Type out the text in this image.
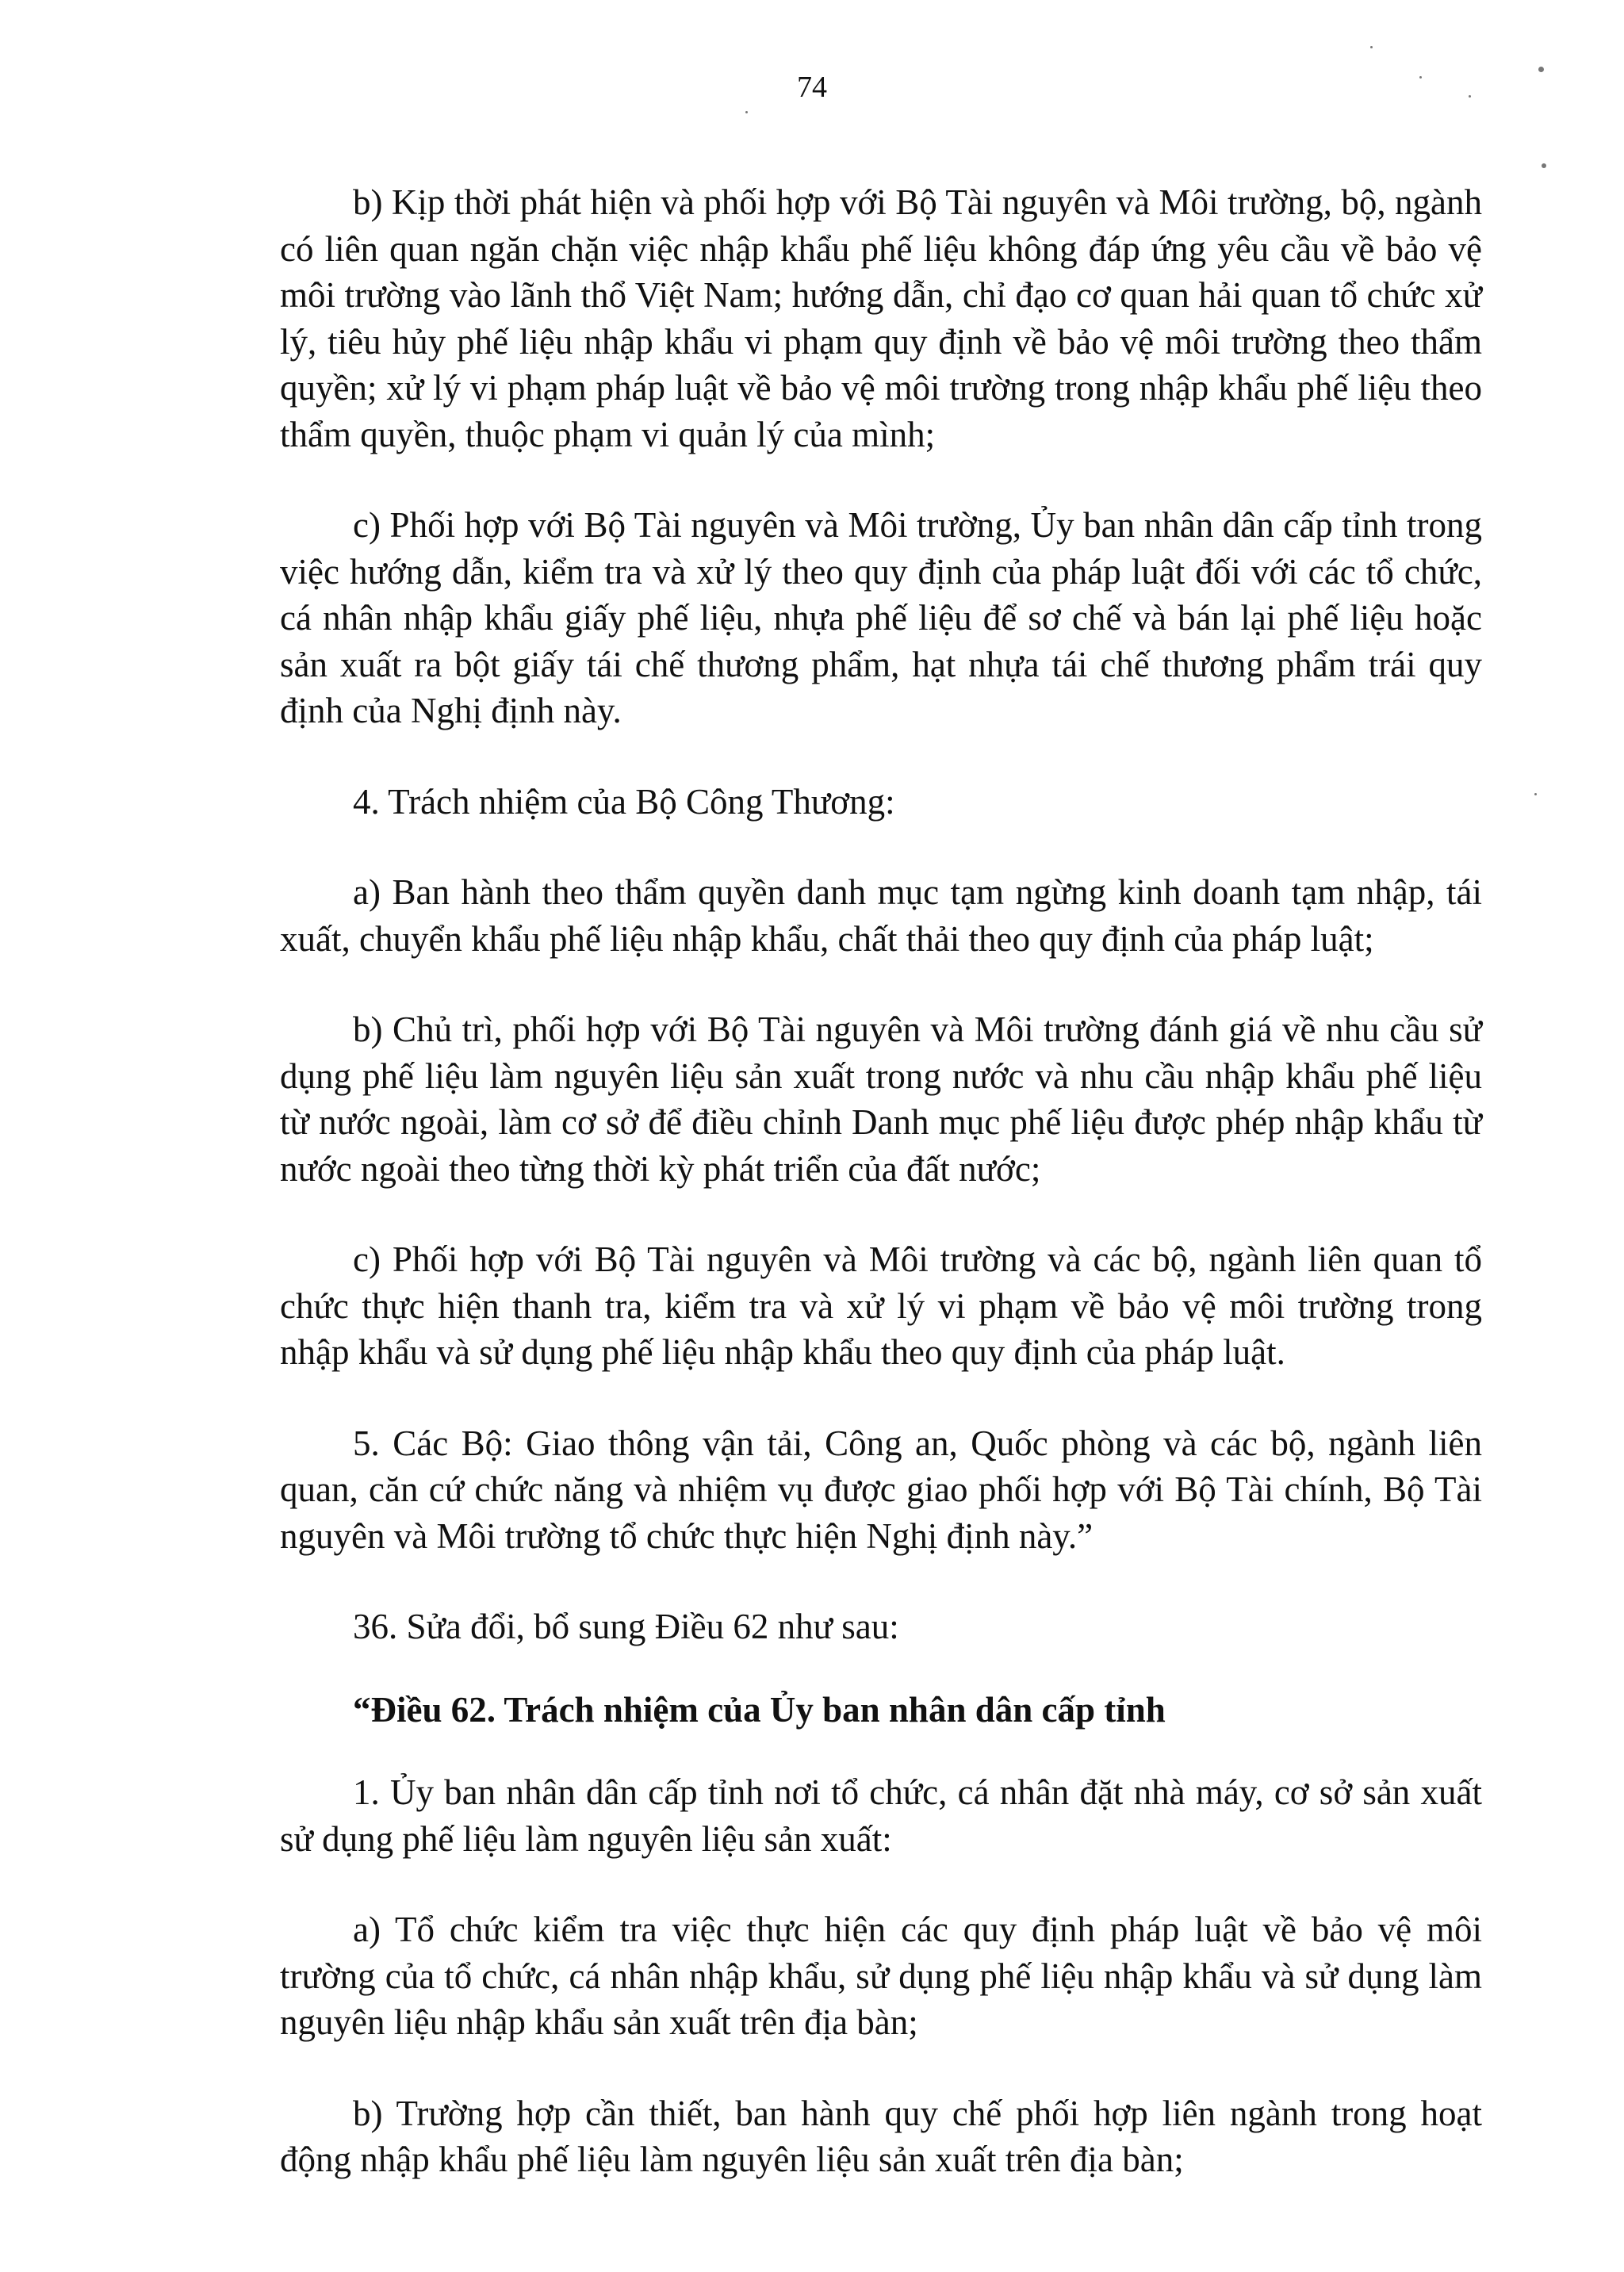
74

b) Kịp thời phát hiện và phối hợp với Bộ Tài nguyên và Môi trường, bộ, ngành có liên quan ngăn chặn việc nhập khẩu phế liệu không đáp ứng yêu cầu về bảo vệ môi trường vào lãnh thổ Việt Nam; hướng dẫn, chỉ đạo cơ quan hải quan tổ chức xử lý, tiêu hủy phế liệu nhập khẩu vi phạm quy định về bảo vệ môi trường theo thẩm quyền; xử lý vi phạm pháp luật về bảo vệ môi trường trong nhập khẩu phế liệu theo thẩm quyền, thuộc phạm vi quản lý của mình;

c) Phối hợp với Bộ Tài nguyên và Môi trường, Ủy ban nhân dân cấp tỉnh trong việc hướng dẫn, kiểm tra và xử lý theo quy định của pháp luật đối với các tổ chức, cá nhân nhập khẩu giấy phế liệu, nhựa phế liệu để sơ chế và bán lại phế liệu hoặc sản xuất ra bột giấy tái chế thương phẩm, hạt nhựa tái chế thương phẩm trái quy định của Nghị định này.

4. Trách nhiệm của Bộ Công Thương:

a) Ban hành theo thẩm quyền danh mục tạm ngừng kinh doanh tạm nhập, tái xuất, chuyển khẩu phế liệu nhập khẩu, chất thải theo quy định của pháp luật;

b) Chủ trì, phối hợp với Bộ Tài nguyên và Môi trường đánh giá về nhu cầu sử dụng phế liệu làm nguyên liệu sản xuất trong nước và nhu cầu nhập khẩu phế liệu từ nước ngoài, làm cơ sở để điều chỉnh Danh mục phế liệu được phép nhập khẩu từ nước ngoài theo từng thời kỳ phát triển của đất nước;

c) Phối hợp với Bộ Tài nguyên và Môi trường và các bộ, ngành liên quan tổ chức thực hiện thanh tra, kiểm tra và xử lý vi phạm về bảo vệ môi trường trong nhập khẩu và sử dụng phế liệu nhập khẩu theo quy định của pháp luật.

5. Các Bộ: Giao thông vận tải, Công an, Quốc phòng và các bộ, ngành liên quan, căn cứ chức năng và nhiệm vụ được giao phối hợp với Bộ Tài chính, Bộ Tài nguyên và Môi trường tổ chức thực hiện Nghị định này.”

36. Sửa đổi, bổ sung Điều 62 như sau:

“Điều 62. Trách nhiệm của Ủy ban nhân dân cấp tỉnh

1. Ủy ban nhân dân cấp tỉnh nơi tổ chức, cá nhân đặt nhà máy, cơ sở sản xuất sử dụng phế liệu làm nguyên liệu sản xuất:

a) Tổ chức kiểm tra việc thực hiện các quy định pháp luật về bảo vệ môi trường của tổ chức, cá nhân nhập khẩu, sử dụng phế liệu nhập khẩu và sử dụng làm nguyên liệu nhập khẩu sản xuất trên địa bàn;

b) Trường hợp cần thiết, ban hành quy chế phối hợp liên ngành trong hoạt động nhập khẩu phế liệu làm nguyên liệu sản xuất trên địa bàn;
